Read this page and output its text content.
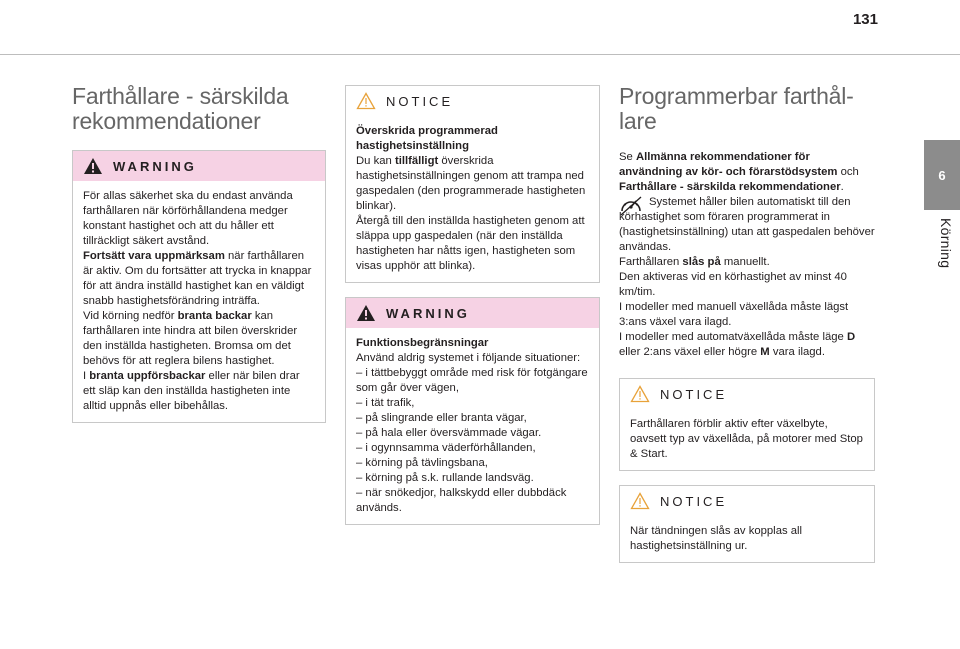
131
6
Körning
Farthållare - särskilda rekommendationer
WARNING

För allas säkerhet ska du endast använda farthållaren när körförhållandena medger konstant hastighet och att du håller ett tillräckligt säkert avstånd.

Fortsätt vara uppmärksam när farthållaren är aktiv. Om du fortsätter att trycka in knappar för att ändra inställd hastighet kan en väldigt snabb hastighetsförändring inträffa.

Vid körning nedför branta backar kan farthållaren inte hindra att bilen överskrider den inställda hastigheten. Bromsa om det behövs för att reglera bilens hastighet.

I branta uppförsbackar eller när bilen drar ett släp kan den inställda hastigheten inte alltid uppnås eller bibehållas.

NOTICE

Överskrida programmerad hastighetsinställning

Du kan tillfälligt överskrida hastighetsinställningen genom att trampa ned gaspedalen (den programmerade hastigheten blinkar).

Återgå till den inställda hastigheten genom att släppa upp gaspedalen (när den inställda hastigheten har nåtts igen, hastigheten som visas upphör att blinka).

WARNING

Funktionsbegränsningar

Använd aldrig systemet i följande situationer:

– i tättbebyggt område med risk för fotgängare som går över vägen,

– i tät trafik,

– på slingrande eller branta vägar,

– på hala eller översvämmade vägar.

– i ogynnsamma väderförhållanden,

– körning på tävlingsbana,

– körning på s.k. rullande landsväg.

– när snökedjor, halkskydd eller dubbdäck används.

Programmerbar farthål-lare

Se Allmänna rekommendationer för användning av kör- och förarstödsystem och Farthållare - särskilda rekommendationer.

Systemet håller bilen automatiskt till den körhastighet som föraren programmerat in (hastighetsinställning) utan att gaspedalen behöver användas.

Farthållaren slås på manuellt.

Den aktiveras vid en körhastighet av minst 40 km/tim.

I modeller med manuell växellåda måste lägst 3:ans växel vara ilagd.

I modeller med automatväxellåda måste läge D eller 2:ans växel eller högre M vara ilagd.

NOTICE

Farthållaren förblir aktiv efter växelbyte, oavsett typ av växellåda, på motorer med Stop & Start.

NOTICE

När tändningen slås av kopplas all hastighetsinställning ur.
